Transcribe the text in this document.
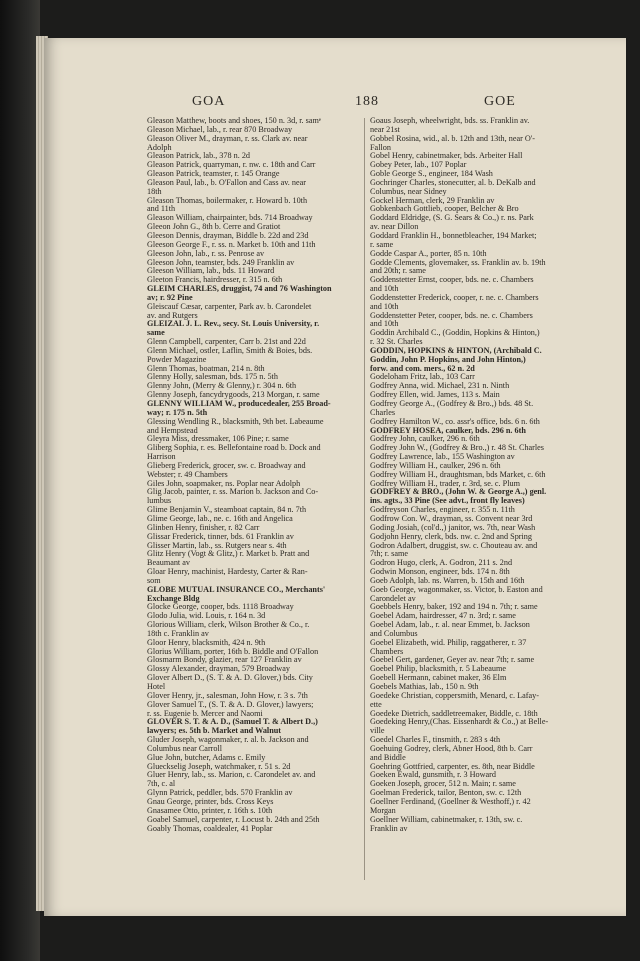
GOA	188	GOE
Gleason Matthew, boots and shoes, 150 n. 3d, r. samᵉ
Gleason Michael, lab., r. rear 870 Broadway
Gleason Oliver M., drayman, r. ss. Clark av. near
Adolph
Gleason Patrick, lab., 378 n. 2d
Gleason Patrick, quarryman, r. nw. c. 18th and Carr
Gleason Patrick, teamster, r. 145 Orange
Gleason Paul, lab., b. O'Fallon and Cass av. near
18th
Gleason Thomas, boilermaker, r. Howard b. 10th
and 11th
Gleason William, chairpainter, bds. 714 Broadway
Gleeon John G., 8th b. Cerre and Gratiot
Gleeson Dennis, drayman, Biddle b. 22d and 23d
Gleeson George F., r. ss. n. Market b. 10th and 11th
Gleeson John, lab., r. ss. Penrose av
Gleeson John, teamster, bds. 249 Franklin av
Gleeson William, lab., bds. 11 Howard
Gleeton Francis, hairdresser, r. 315 n. 6th
GLEIM CHARLES, druggist, 74 and 76 Washington
av; r. 92 Pine
Gleiscauf Cæsar, carpenter, Park av. b. Carondelet
av. and Rutgers
GLEIZAL J. L. Rev., secy. St. Louis University, r.
same
Glenn Campbell, carpenter, Carr b. 21st and 22d
Glenn Michael, ostler, Laflin, Smith & Boies, bds.
Powder Magazine
Glenn Thomas, boatman, 214 n. 8th
Glenny Holly, salesman, bds. 175 n. 5th
Glenny John, (Merry & Glenny,) r. 304 n. 6th
Glenny Joseph, fancydrygoods, 213 Morgan, r. same
GLENNY WILLIAM W., producedealer, 255 Broad-
way; r. 175 n. 5th
Glessing Wendling R., blacksmith, 9th bet. Labeaume
and Hempstead
Gleyra Miss, dressmaker, 106 Pine; r. same
Gliberg Sophia, r. es. Bellefontaine road b. Dock and
Harrison
Glieberg Frederick, grocer, sw. c. Broadway and
Webster; r. 49 Chambers
Giles John, soapmaker, ns. Poplar near Adolph
Glig Jacob, painter, r. ss. Marion b. Jackson and Co-
lumbus
Glime Benjamin V., steamboat captain, 84 n. 7th
Glime George, lab., ne. c. 16th and Angelica
Glinben Henry, finisher, r. 82 Carr
Glissar Frederick, tinner, bds. 61 Franklin av
Glisser Martin, lab., ss. Rutgers near s. 4th
Glitz Henry (Vogt & Glitz,) r. Market b. Pratt and
Beaumant av
Gloar Henry, machinist, Hardesty, Carter & Ran-
som
GLOBE MUTUAL INSURANCE CO., Merchants'
Exchange Bldg
Glocke George, cooper, bds. 1118 Broadway
Glodo Julia, wid. Louis, r. 164 n. 3d
Glorious William, clerk, Wilson Brother & Co., r.
18th c. Franklin av
Gloor Henry, blacksmith, 424 n. 9th
Glorius William, porter, 16th b. Biddle and O'Fallon
Glosmarm Bondy, glazier, rear 127 Franklin av
Glossy Alexander, drayman, 579 Broadway
Glover Albert D., (S. T. & A. D. Glover,) bds. City
Hotel
Glover Henry, jr., salesman, John How, r. 3 s. 7th
Glover Samuel T., (S. T. & A. D. Glover,) lawyers;
r. ss. Eugenie b. Mercer and Naomi
GLOVER S. T. & A. D., (Samuel T. & Albert D.,)
lawyers; es. 5th b. Market and Walnut
Gluder Joseph, wagonmaker, r. al. b. Jackson and
Columbus near Carroll
Glue John, butcher, Adams c. Emily
Glueckselig Joseph, watchmaker, r. 51 s. 2d
Gluer Henry, lab., ss. Marion, c. Carondelet av. and
7th, c. al
Glynn Patrick, peddler, bds. 570 Franklin av
Gnau George, printer, bds. Cross Keys
Gnasamee Otto, printer, r. 16th s. 10th
Goabel Samuel, carpenter, r. Locust b. 24th and 25th
Goably Thomas, coaldealer, 41 Poplar
Goaus Joseph, wheelwright, bds. ss. Franklin av.
near 21st
Gobbel Rosina, wid., al. b. 12th and 13th, near O'-
Fallon
Gobel Henry, cabinetmaker, bds. Arbeiter Hall
Gobey Peter, lab., 107 Poplar
Goble George S., engineer, 184 Wash
Gochringer Charles, stonecutter, al. b. DeKalb and
Columbus, near Sidney
Gockel Herman, clerk, 29 Franklin av
Gobkenbach Gottlieb, cooper, Belcher & Bro
Goddard Eldridge, (S. G. Sears & Co.,) r. ns. Park
av. near Dillon
Goddard Franklin H., bonnetbleacher, 194 Market;
r. same
Godde Caspar A., porter, 85 n. 10th
Godde Clements, glovemaker, ss. Franklin av. b. 19th
and 20th; r. same
Goddenstetter Ernst, cooper, bds. ne. c. Chambers
and 10th
Goddenstetter Frederick, cooper, r. ne. c. Chambers
and 10th
Goddenstetter Peter, cooper, bds. ne. c. Chambers
and 10th
Goddin Archibald C., (Goddin, Hopkins & Hinton,)
r. 32 St. Charles
GODDIN, HOPKINS & HINTON, (Archibald C.
Goddin, John P. Hopkins, and John Hinton,)
forw. and com. mers., 62 n. 2d
Godeloham Fritz, lab., 103 Carr
Godfrey Anna, wid. Michael, 231 n. Ninth
Godfrey Ellen, wid. James, 113 s. Main
Godfrey George A., (Godfrey & Bro.,) bds. 48 St.
Charles
Godfrey Hamilton W., co. assr's office, bds. 6 n. 6th
GODFREY HOSEA, caulker, bds. 296 n. 6th
Godfrey John, caulker, 296 n. 6th
Godfrey John W., (Godfrey & Bro.,) r. 48 St. Charles
Godfrey Lawrence, lab., 155 Washington av
Godfrey William H., caulker, 296 n. 6th
Godfrey William H., draughtsman, bds Market, c. 6th
Godfrey William H., trader, r. 3rd, se. c. Plum
GODFREY & BRO., (John W. & George A.,) genl.
ins. agts., 33 Pine (See advt., front fly leaves)
Godfreyson Charles, engineer, r. 355 n. 11th
Godfrow Con. W., drayman, ss. Convent near 3rd
Goding Josiah, (col'd.,) janitor, ws. 7th, near Wash
Godjohn Henry, clerk, bds. nw. c. 2nd and Spring
Godron Adalbert, druggist, sw. c. Chouteau av. and
7th; r. same
Godron Hugo, clerk, A. Godron, 211 s. 2nd
Godwin Monson, engineer, bds. 174 n. 8th
Goeb Adolph, lab. ns. Warren, b. 15th and 16th
Goeb George, wagonmaker, ss. Victor, b. Easton and
Carondelet av
Goebbels Henry, baker, 192 and 194 n. 7th; r. same
Goebel Adam, hairdresser, 47 n. 3rd; r. same
Goebel Adam, lab., r. al. near Emmet, b. Jackson
and Columbus
Goebel Elizabeth, wid. Philip, raggatherer, r. 37
Chambers
Goebel Gert, gardener, Geyer av. near 7th; r. same
Goebel Philip, blacksmith, r. 5 Labeaume
Goebell Hermann, cabinet maker, 36 Elm
Goebels Mathias, lab., 150 n. 9th
Goedeke Christian, coppersmith, Menard, c. Lafay-
ette
Goedeke Dietrich, saddletreemaker, Biddle, c. 18th
Goedeking Henry,(Chas. Eissenhardt & Co.,) at Belle-
ville
Goedel Charles F., tinsmith, r. 283 s 4th
Goehuing Godrey, clerk, Abner Hood, 8th b. Carr
and Biddle
Goehring Gottfried, carpenter, es. 8th, near Biddle
Goeken Ewald, gunsmith, r. 3 Howard
Goeken Joseph, grocer, 512 n. Main; r. same
Goelman Frederick, tailor, Benton, sw. c. 12th
Goellner Ferdinand, (Goellner & Westhoff,) r. 42
Morgan
Goellner William, cabinetmaker, r. 13th, sw. c.
Franklin av
